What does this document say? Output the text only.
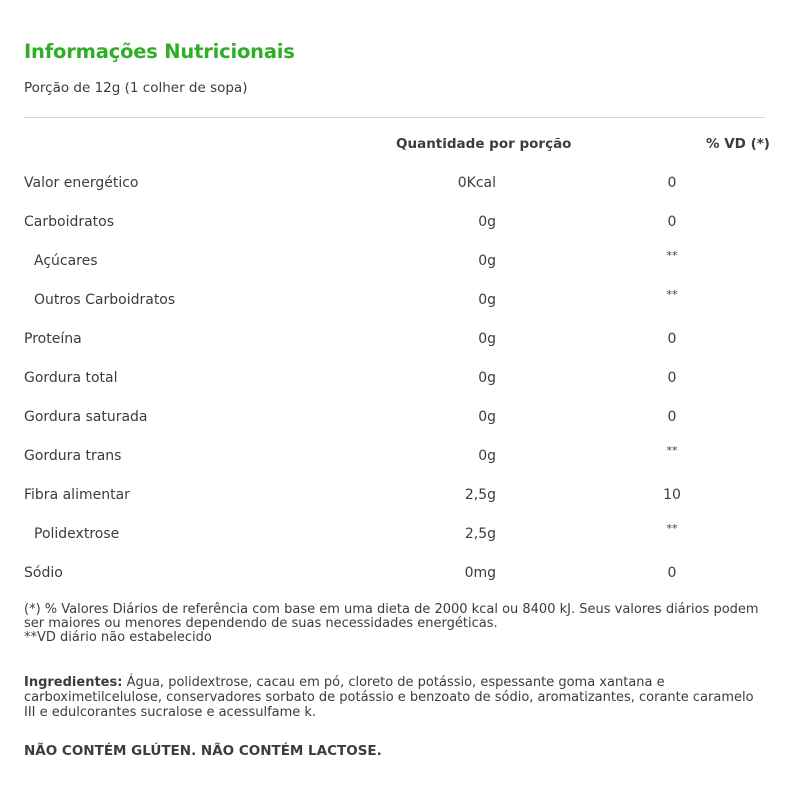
Informações Nutricionais
Porção de 12g (1 colher de sopa)
Quantidade por porção	% VD (*)
Valor energético	0Kcal	0
Carboidratos	0g	0
Açúcares	0g	**
Outros Carboidratos	0g	**
Proteína	0g	0
Gordura total	0g	0
Gordura saturada	0g	0
Gordura trans	0g	**
Fibra alimentar	2,5g	10
Polidextrose	2,5g	**
Sódio	0mg	0

(*) % Valores Diários de referência com base em uma dieta de 2000 kcal ou 8400 kJ. Seus valores diários podem ser maiores ou menores dependendo de suas necessidades energéticas.

**VD diário não estabelecido

Ingredientes: Água, polidextrose, cacau em pó, cloreto de potássio, espessante goma xantana e carboximetilcelulose, conservadores sorbato de potássio e benzoato de sódio, aromatizantes, corante caramelo III e edulcorantes sucralose e acessulfame k.
NÃO CONTÉM GLÚTEN. NÃO CONTÉM LACTOSE.
